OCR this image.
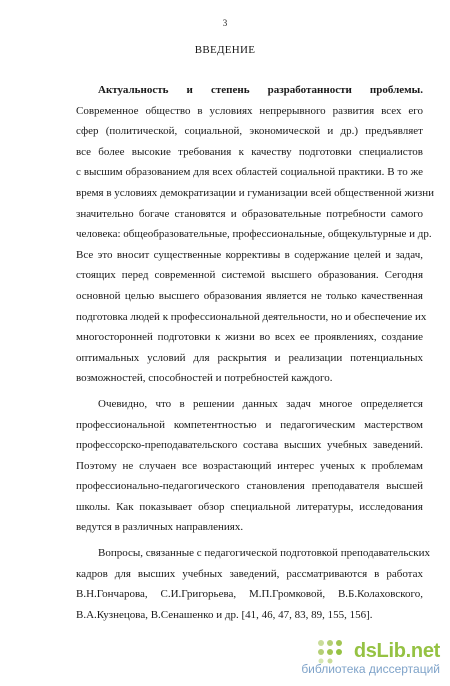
3
ВВЕДЕНИЕ

Актуальность и степень разработанности проблемы.

Современное общество в условиях непрерывного развития всех его

сфер (политической, социальной, экономической и др.) предъявляет

все более высокие требования к качеству подготовки специалистов

с высшим образованием для всех областей социальной практики. В то же

время в условиях демократизации и гуманизации всей общественной жизни

значительно богаче становятся и образовательные потребности самого

человека: общеобразовательные, профессиональные, общекультурные и др.

Все это вносит существенные коррективы в содержание целей и задач,

стоящих перед современной системой высшего образования. Сегодня

основной целью высшего образования является не только качественная

подготовка людей к профессиональной деятельности, но и обеспечение их

многосторонней подготовки к жизни во всех ее проявлениях, создание

оптимальных условий для раскрытия и реализации потенциальных

возможностей, способностей и потребностей каждого.

Очевидно, что в решении данных задач многое определяется

профессиональной компетентностью и педагогическим мастерством

профессорско-преподавательского состава высших учебных заведений.

Поэтому не случаен все возрастающий интерес ученых к проблемам

профессионально-педагогического становления преподавателя высшей

школы. Как показывает обзор специальной литературы, исследования

ведутся в различных направлениях.

Вопросы, связанные с педагогической подготовкой преподавательских

кадров для высших учебных заведений, рассматриваются в работах

В.Н.Гончарова, С.И.Григорьева, М.П.Громковой, В.Б.Колаховского,

В.А.Кузнецова, В.Сенашенко и др. [41, 46, 47, 83, 89, 155, 156].

dsLib.net
библиотека диссертаций
